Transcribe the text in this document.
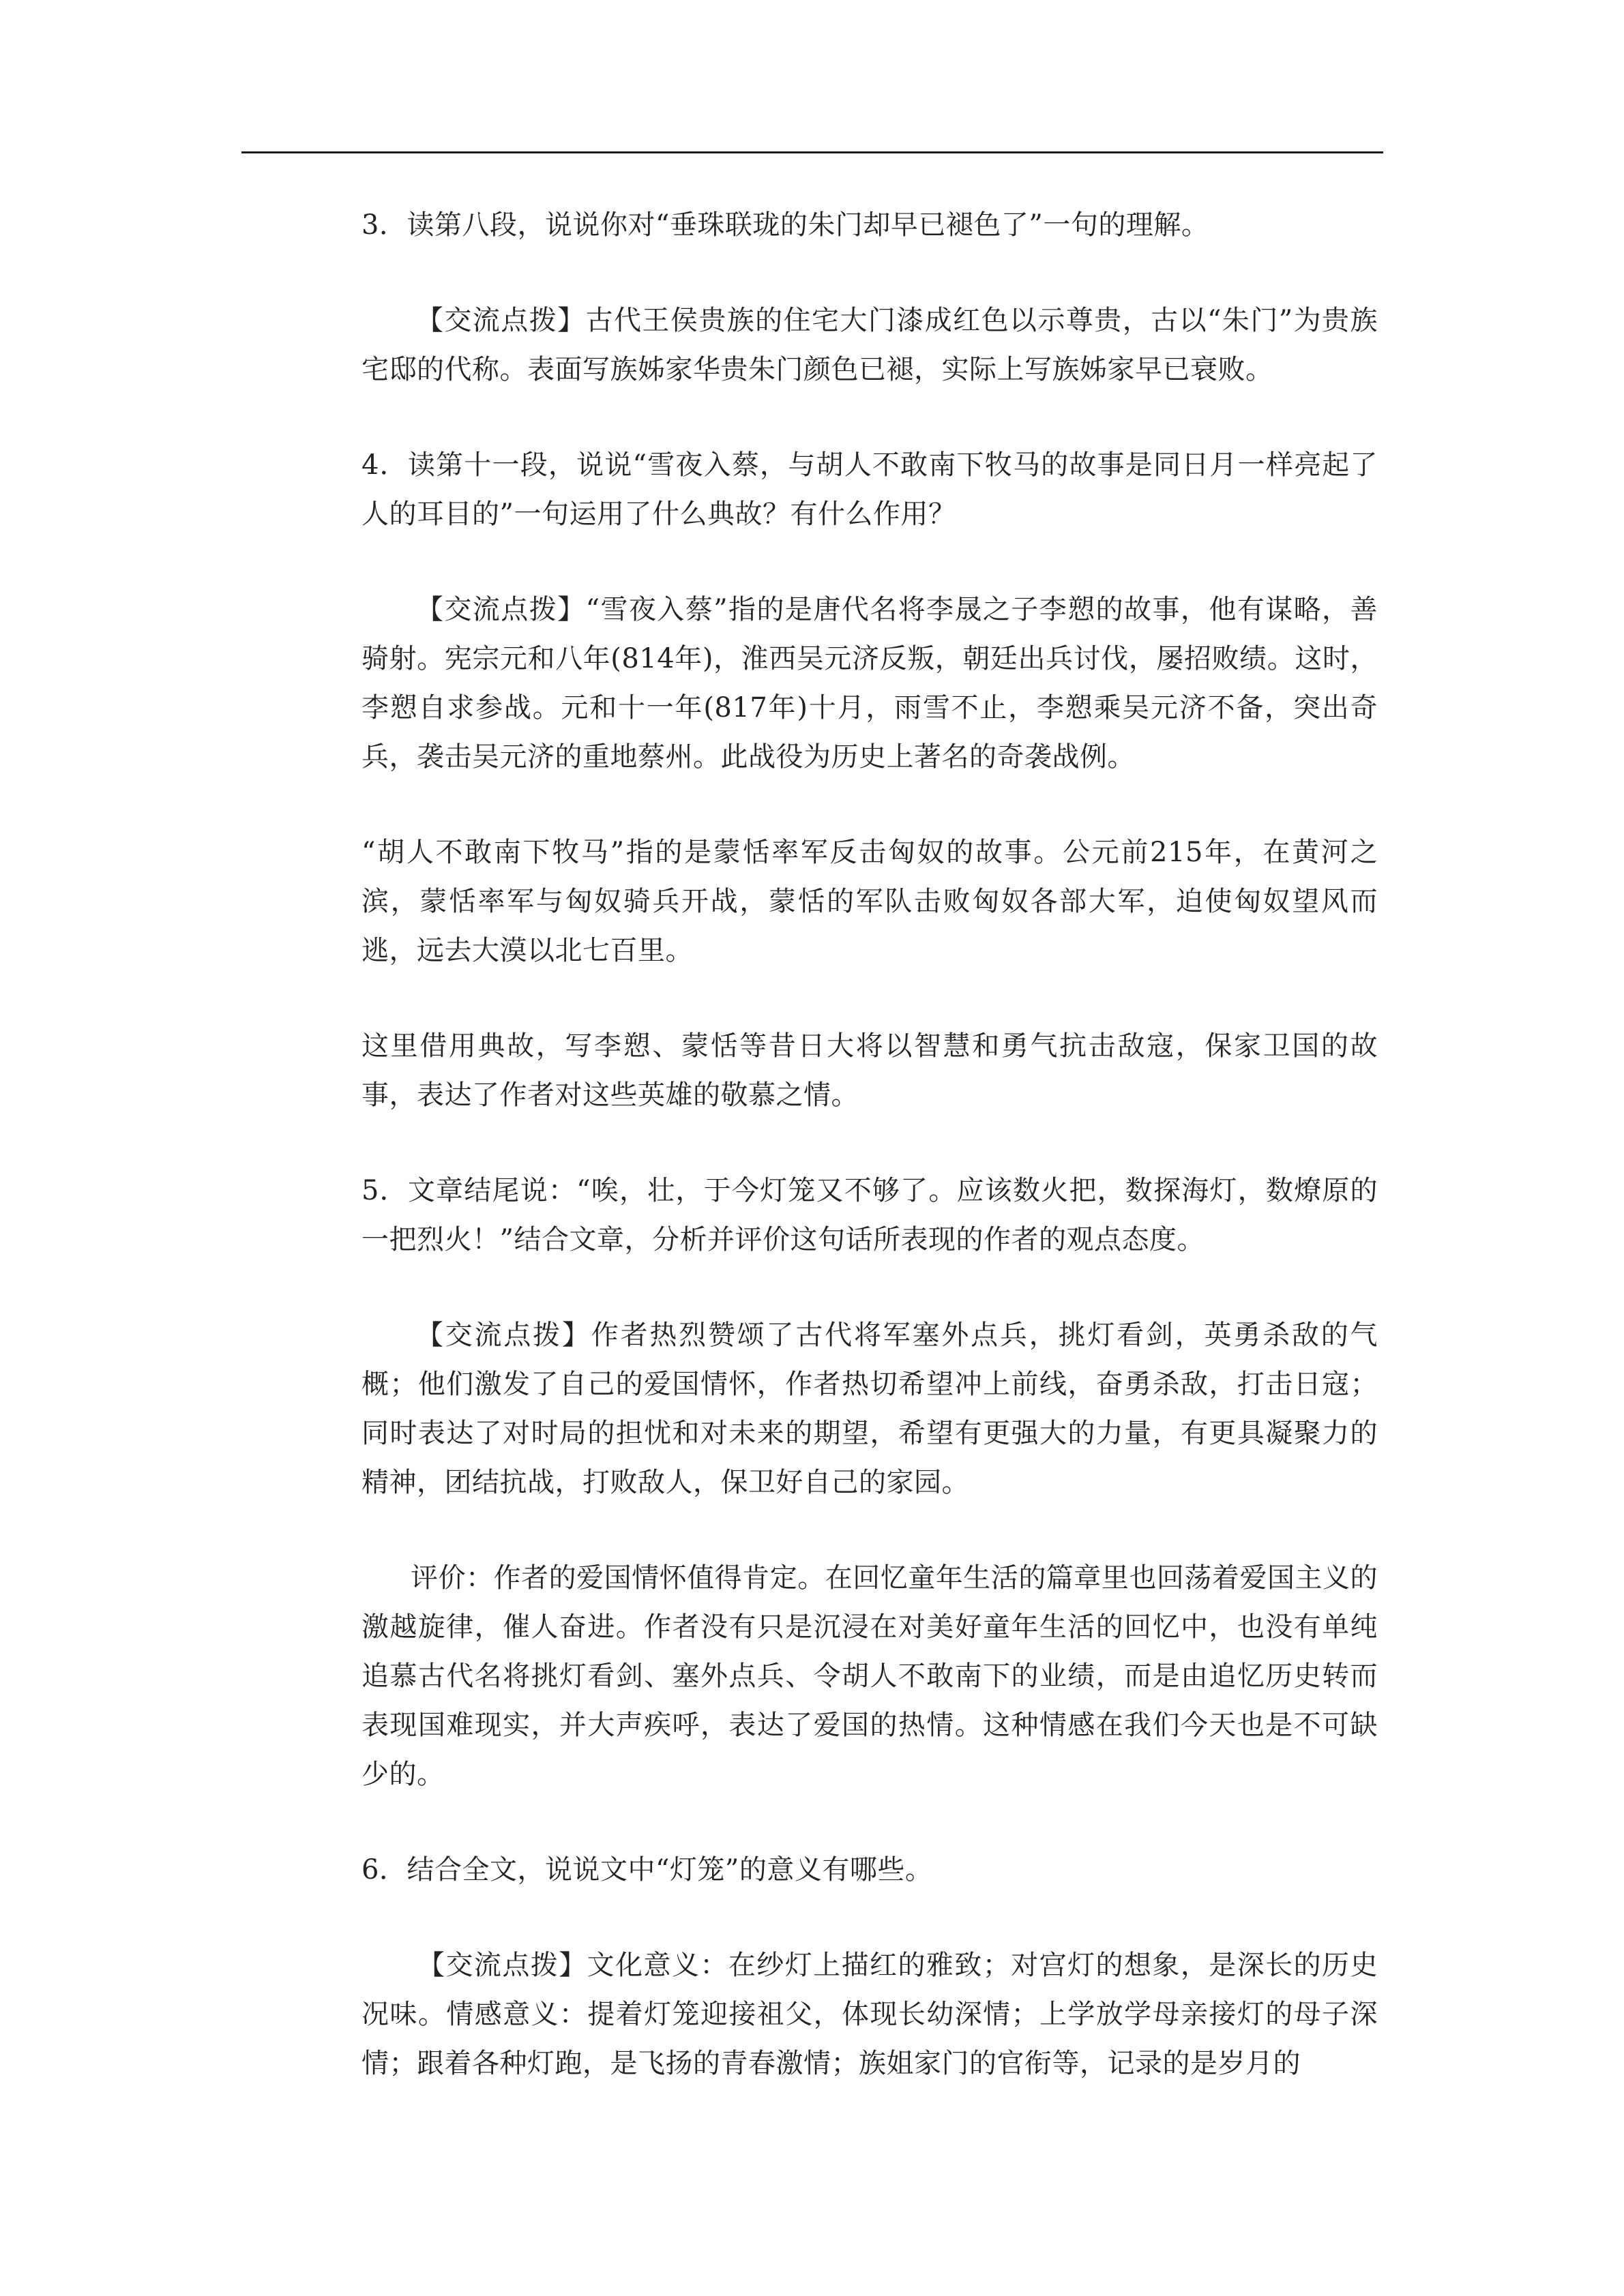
3．读第八段，说说你对“垂珠联珑的朱门却早已褪色了”一句的理解。

【交流点拨】古代王侯贵族的住宅大门漆成红色以示尊贵，古以“朱门”为贵族宅邸的代称。表面写族姊家华贵朱门颜色已褪，实际上写族姊家早已衰败。

4．读第十一段，说说“雪夜入蔡，与胡人不敢南下牧马的故事是同日月一样亮起了人的耳目的”一句运用了什么典故？有什么作用？

【交流点拨】“雪夜入蔡”指的是唐代名将李晟之子李愬的故事，他有谋略，善骑射。宪宗元和八年(814年)，淮西吴元济反叛，朝廷出兵讨伐，屡招败绩。这时，李愬自求参战。元和十一年(817年)十月，雨雪不止，李愬乘吴元济不备，突出奇兵，袭击吴元济的重地蔡州。此战役为历史上著名的奇袭战例。

“胡人不敢南下牧马”指的是蒙恬率军反击匈奴的故事。公元前215年，在黄河之滨，蒙恬率军与匈奴骑兵开战，蒙恬的军队击败匈奴各部大军，迫使匈奴望风而逃，远去大漠以北七百里。

这里借用典故，写李愬、蒙恬等昔日大将以智慧和勇气抗击敌寇，保家卫国的故事，表达了作者对这些英雄的敬慕之情。

5．文章结尾说：“唉，壮，于今灯笼又不够了。应该数火把，数探海灯，数燎原的一把烈火！”结合文章，分析并评价这句话所表现的作者的观点态度。

【交流点拨】作者热烈赞颂了古代将军塞外点兵，挑灯看剑，英勇杀敌的气概；他们激发了自己的爱国情怀，作者热切希望冲上前线，奋勇杀敌，打击日寇；同时表达了对时局的担忧和对未来的期望，希望有更强大的力量，有更具凝聚力的精神，团结抗战，打败敌人，保卫好自己的家园。

评价：作者的爱国情怀值得肯定。在回忆童年生活的篇章里也回荡着爱国主义的激越旋律，催人奋进。作者没有只是沉浸在对美好童年生活的回忆中，也没有单纯追慕古代名将挑灯看剑、塞外点兵、令胡人不敢南下的业绩，而是由追忆历史转而表现国难现实，并大声疾呼，表达了爱国的热情。这种情感在我们今天也是不可缺少的。

6．结合全文，说说文中“灯笼”的意义有哪些。

【交流点拨】文化意义：在纱灯上描红的雅致；对宫灯的想象，是深长的历史况味。情感意义：提着灯笼迎接祖父，体现长幼深情；上学放学母亲接灯的母子深情；跟着各种灯跑，是飞扬的青春激情；族姐家门的官衔等，记录的是岁月的
